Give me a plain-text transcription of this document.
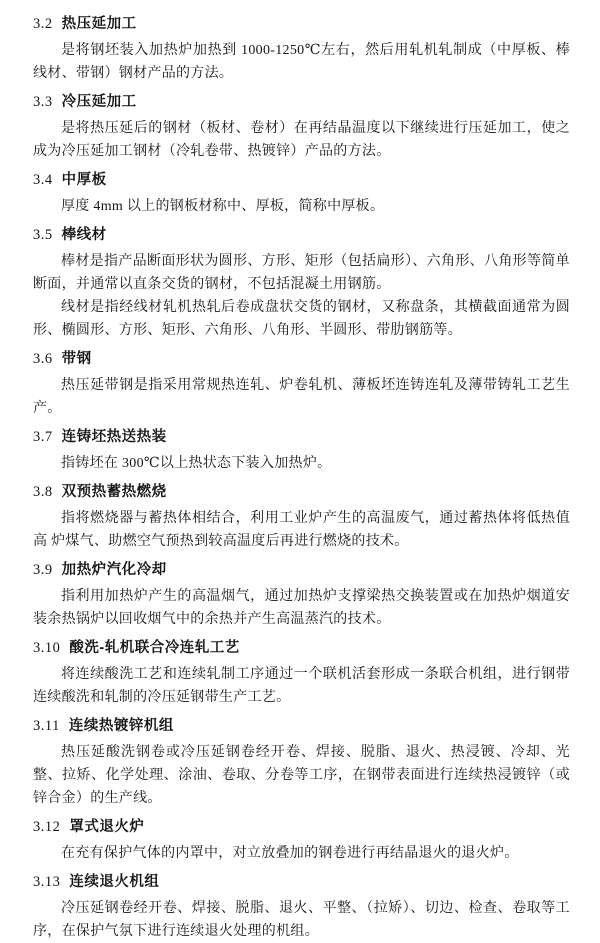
3.2 热压延加工

是将钢坯装入加热炉加热到 1000-1250℃左右，然后用轧机轧制成（中厚板、棒线材、带钢）钢材产品的方法。

3.3 冷压延加工

是将热压延后的钢材（板材、卷材）在再结晶温度以下继续进行压延加工，使之成为冷压延加工钢材（冷轧卷带、热镀锌）产品的方法。

3.4 中厚板

厚度 4mm 以上的钢板材称中、厚板，简称中厚板。

3.5 棒线材

棒材是指产品断面形状为圆形、方形、矩形（包括扁形）、六角形、八角形等简单断面，并通常以直条交货的钢材，不包括混凝土用钢筋。

线材是指经线材轧机热轧后卷成盘状交货的钢材，又称盘条，其横截面通常为圆形、椭圆形、方形、矩形、六角形、八角形、半圆形、带肋钢筋等。

3.6 带钢

热压延带钢是指采用常规热连轧、炉卷轧机、薄板坯连铸连轧及薄带铸轧工艺生产。

3.7 连铸坯热送热装

指铸坯在 300℃以上热状态下装入加热炉。

3.8 双预热蓄热燃烧

指将燃烧器与蓄热体相结合，利用工业炉产生的高温废气，通过蓄热体将低热值高 炉煤气、助燃空气预热到较高温度后再进行燃烧的技术。

3.9 加热炉汽化冷却

指利用加热炉产生的高温烟气，通过加热炉支撑梁热交换装置或在加热炉烟道安装余热锅炉以回收烟气中的余热并产生高温蒸汽的技术。

3.10 酸洗-轧机联合冷连轧工艺

将连续酸洗工艺和连续轧制工序通过一个联机活套形成一条联合机组，进行钢带连续酸洗和轧制的冷压延钢带生产工艺。

3.11 连续热镀锌机组

热压延酸洗钢卷或冷压延钢卷经开卷、焊接、脱脂、退火、热浸镀、冷却、光整、拉矫、化学处理、涂油、卷取、分卷等工序，在钢带表面进行连续热浸镀锌（或锌合金）的生产线。

3.12 罩式退火炉

在充有保护气体的内罩中，对立放叠加的钢卷进行再结晶退火的退火炉。

3.13 连续退火机组

冷压延钢卷经开卷、焊接、脱脂、退火、平整、（拉矫）、切边、检查、卷取等工序，在保护气氛下进行连续退火处理的机组。
